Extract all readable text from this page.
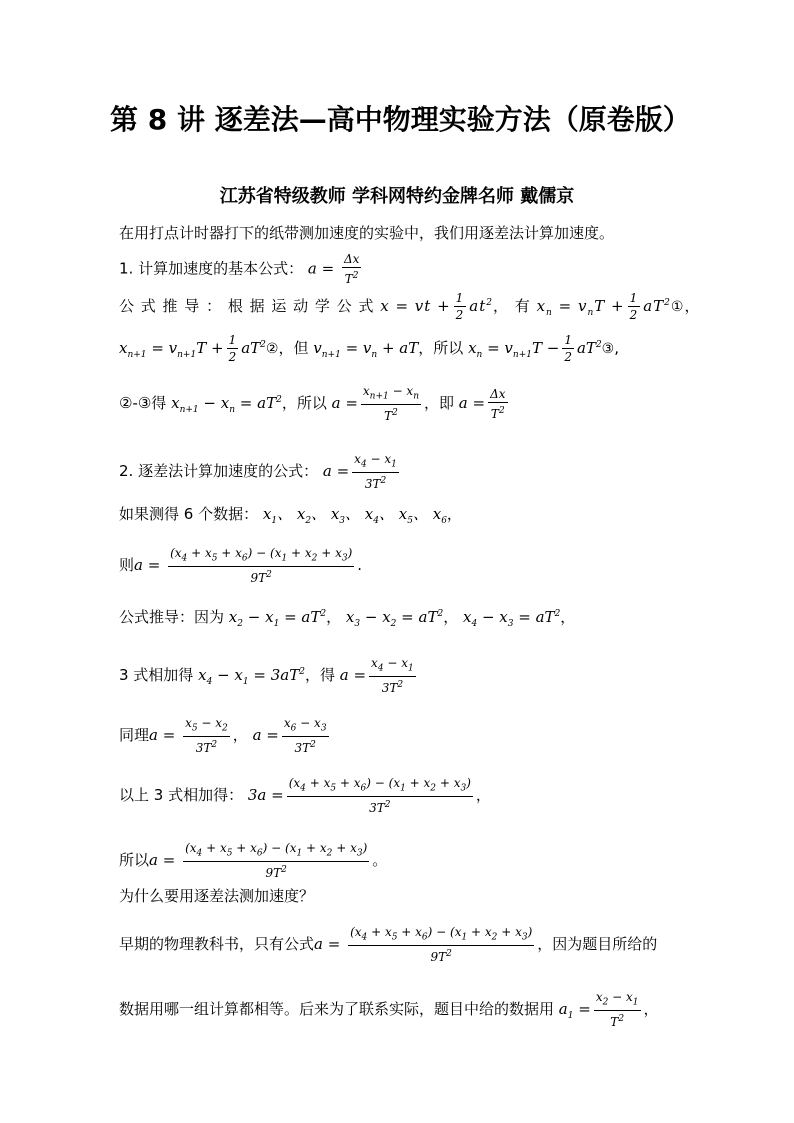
第 8 讲 逐差法—高中物理实验方法（原卷版）
江苏省特级教师 学科网特约金牌名师 戴儒京
在用打点计时器打下的纸带测加速度的实验中，我们用逐差法计算加速度。
1. 计算加速度的基本公式： $a = \frac{\Delta x}{T^2}$
公 式 推 导 ： 根 据 运 动 学 公 式 x = vt + $\frac{1}{2} at^2$， 有 $x_n = v_nT + \frac{1}{2}$ $aT^2①$，
$x_{n+1} = v_{n+1}T + \frac{1}{2}$ $aT^2②$，但 $v_{n+1} = v_n$ + aT，所以 $x_n = v_{n+1}T - \frac{1}{2}$ $aT^2③$,
②-③得 $x_{n+1} - x_n = aT^2$，所以 $a = \frac{x_{n+1} - x_n}{T^2}$ ，即 $a = \frac{\Delta x}{T^2}$
2. 逐差法计算加速度的公式： $a = \frac{x_4 - x_1}{3T^2}$
如果测得 6 个数据： $x_1$、 $x_2$、 $x_3$、 $x_4$、 $x_5$、 $x_6$，
则$a = \frac{(x_4 + x_5 + x_6) - (x_1 + x_2 + x_3)}{9T^2}$ .
公式推导：因为 $x_2 - x_1 = aT^2$， $x_3 - x_2 = aT^2$， $x_4 - x_3 = aT^2$，
3 式相加得 $x_4 - x_1 = 3aT^2$，得 $a = \frac{x_4 - x_1}{3T^2}$
同理$a = \frac{x_5 - x_2}{3T^2}$ ， $a = \frac{x_6 - x_3}{3T^2}$
以上 3 式相加得： $3a = \frac{(x_4 + x_5 + x_6) - (x_1 + x_2 + x_3)}{3T^2}$ ，
所以$a = \frac{(x_4 + x_5 + x_6) - (x_1 + x_2 + x_3)}{9T^2}$ 。
为什么要用逐差法测加速度？
早期的物理教科书，只有公式$a = \frac{(x_4 + x_5 + x_6) - (x_1 + x_2 + x_3)}{9T^2}$ ，因为题目所给的
数据用哪一组计算都相等。后来为了联系实际，题目中给的数据用 $a_1 = \frac{x_2 - x_1}{T^2}$ ，
